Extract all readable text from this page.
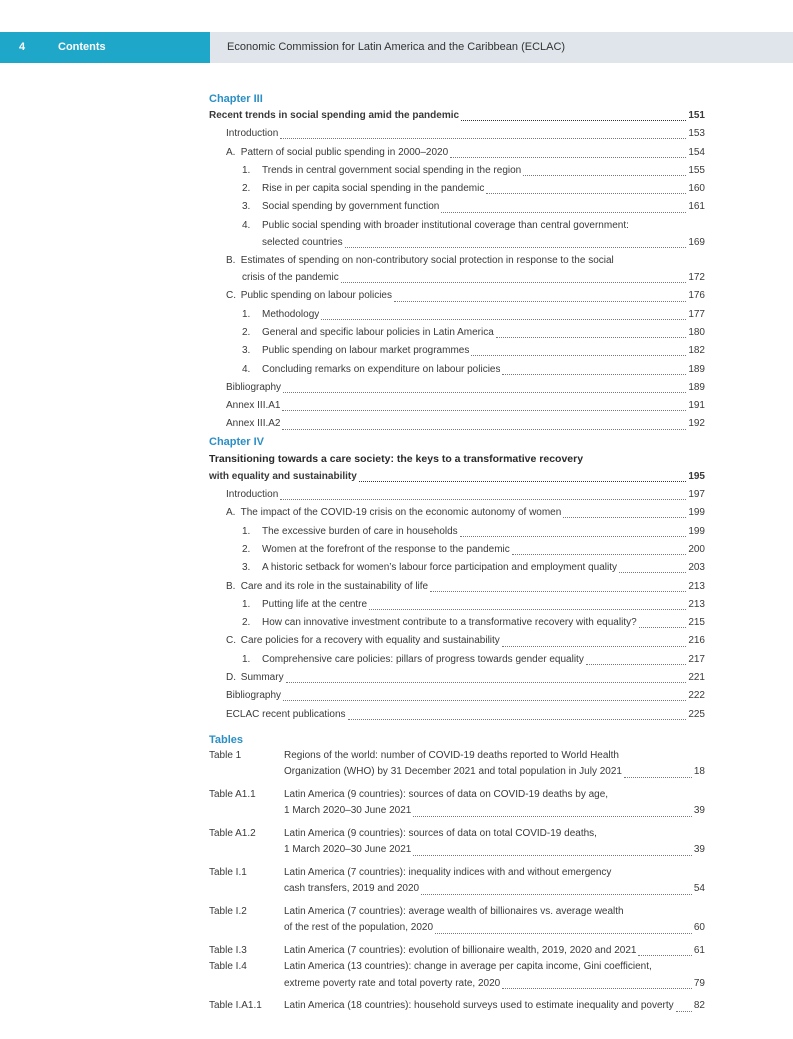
4	Contents	Economic Commission for Latin America and the Caribbean (ECLAC)
Chapter III
Recent trends in social spending amid the pandemic	151
Introduction	153
A. Pattern of social public spending in 2000–2020	154
1. Trends in central government social spending in the region	155
2. Rise in per capita social spending in the pandemic	160
3. Social spending by government function	161
4. Public social spending with broader institutional coverage than central government:
selected countries	169
B. Estimates of spending on non-contributory social protection in response to the social
crisis of the pandemic	172
C. Public spending on labour policies	176
1. Methodology	177
2. General and specific labour policies in Latin America	180
3. Public spending on labour market programmes	182
4. Concluding remarks on expenditure on labour policies	189
Bibliography	189
Annex III.A1	191
Annex III.A2	192
Chapter IV
Transitioning towards a care society: the keys to a transformative recovery
with equality and sustainability	195
Introduction	197
A. The impact of the COVID-19 crisis on the economic autonomy of women	199
1. The excessive burden of care in households	199
2. Women at the forefront of the response to the pandemic	200
3. A historic setback for women’s labour force participation and employment quality	203
B. Care and its role in the sustainability of life	213
1. Putting life at the centre	213
2. How can innovative investment contribute to a transformative recovery with equality?	215
C. Care policies for a recovery with equality and sustainability	216
1. Comprehensive care policies: pillars of progress towards gender equality	217
D. Summary	221
Bibliography	222
ECLAC recent publications	225
Tables
Table 1	Regions of the world: number of COVID-19 deaths reported to World Health
Organization (WHO) by 31 December 2021 and total population in July 2021	18
Table A1.1	Latin America (9 countries): sources of data on COVID-19 deaths by age,
1 March 2020–30 June 2021	39
Table A1.2	Latin America (9 countries): sources of data on total COVID-19 deaths,
1 March 2020–30 June 2021	39
Table I.1	Latin America (7 countries): inequality indices with and without emergency
cash transfers, 2019 and 2020	54
Table I.2	Latin America (7 countries): average wealth of billionaires vs. average wealth
of the rest of the population, 2020	60
Table I.3	Latin America (7 countries): evolution of billionaire wealth, 2019, 2020 and 2021	61
Table I.4	Latin America (13 countries): change in average per capita income, Gini coefficient,
extreme poverty rate and total poverty rate, 2020	79
Table I.A1.1	Latin America (18 countries): household surveys used to estimate inequality and poverty 82
